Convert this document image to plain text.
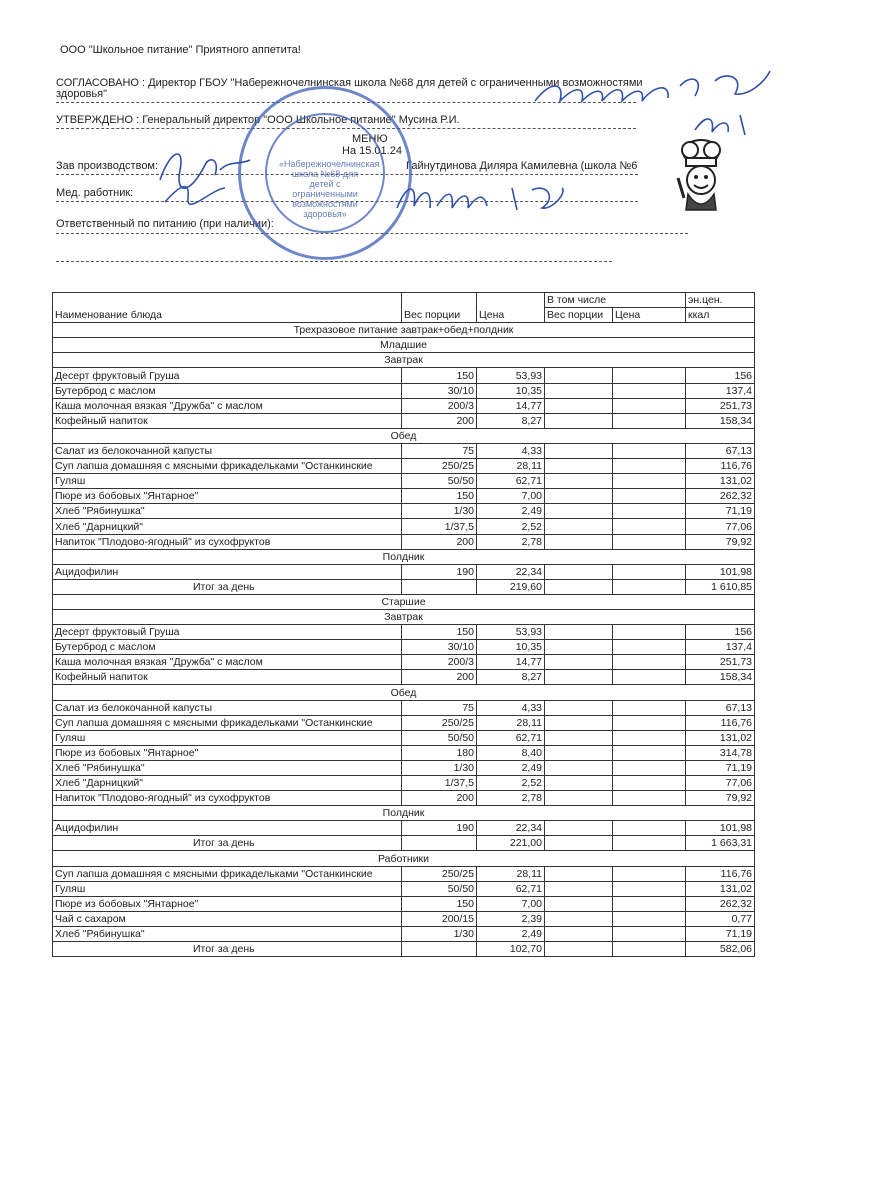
ООО "Школьное питание" Приятного аппетита!
СОГЛАСОВАНО : Директор ГБОУ "Набережночелнинская школа №68 для детей с ограниченными возможностями
здоровья"
УТВЕРЖДЕНО : Генеральный директор "ООО Школьное питание" Мусина Р.И.
МЕНЮ
На 15.01.24
Зав производством:	Гайнутдинова Диляра Камилевна (школа №6
Мед. работник:
Ответственный по питанию (при наличии):
«Набережночелнинская школа №68 для детей с ограниченными возможностями здоровья»
Наименование блюда	Вес порции	Цена	В том числе		эн.цен.
			Вес порции	Цена	ккал
Трехразовое питание завтрак+обед+полдник					
Младшие					
Завтрак					
Десерт фруктовый Груша	150	53,93			156
Бутерброд с маслом	30/10	10,35			137,4
Каша молочная вязкая "Дружба" с маслом	200/3	14,77			251,73
Кофейный напиток	200	8,27			158,34
Обед					
Салат из белокочанной капусты	75	4,33			67,13
Суп лапша домашняя с мясными фрикадельками "Останкинские	250/25	28,11			116,76
Гуляш	50/50	62,71			131,02
Пюре из бобовых "Янтарное"	150	7,00			262,32
Хлеб "Рябинушка"	1/30	2,49			71,19
Хлеб "Дарницкий"	1/37,5	2,52			77,06
Напиток "Плодово-ягодный" из сухофруктов	200	2,78			79,92
Полдник					
Ацидофилин	190	22,34			101,98
Итог за день		219,60			1 610,85
Старшие					
Завтрак					
Десерт фруктовый Груша	150	53,93			156
Бутерброд с маслом	30/10	10,35			137,4
Каша молочная вязкая "Дружба" с маслом	200/3	14,77			251,73
Кофейный напиток	200	8,27			158,34
Обед					
Салат из белокочанной капусты	75	4,33			67,13
Суп лапша домашняя с мясными фрикадельками "Останкинские	250/25	28,11			116,76
Гуляш	50/50	62,71			131,02
Пюре из бобовых "Янтарное"	180	8,40			314,78
Хлеб "Рябинушка"	1/30	2,49			71,19
Хлеб "Дарницкий"	1/37,5	2,52			77,06
Напиток "Плодово-ягодный" из сухофруктов	200	2,78			79,92
Полдник					
Ацидофилин	190	22,34			101,98
Итог за день		221,00			1 663,31
Работники					
Суп лапша домашняя с мясными фрикадельками "Останкинские	250/25	28,11			116,76
Гуляш	50/50	62,71			131,02
Пюре из бобовых "Янтарное"	150	7,00			262,32
Чай с сахаром	200/15	2,39			0,77
Хлеб "Рябинушка"	1/30	2,49			71,19
Итог за день		102,70			582,06
